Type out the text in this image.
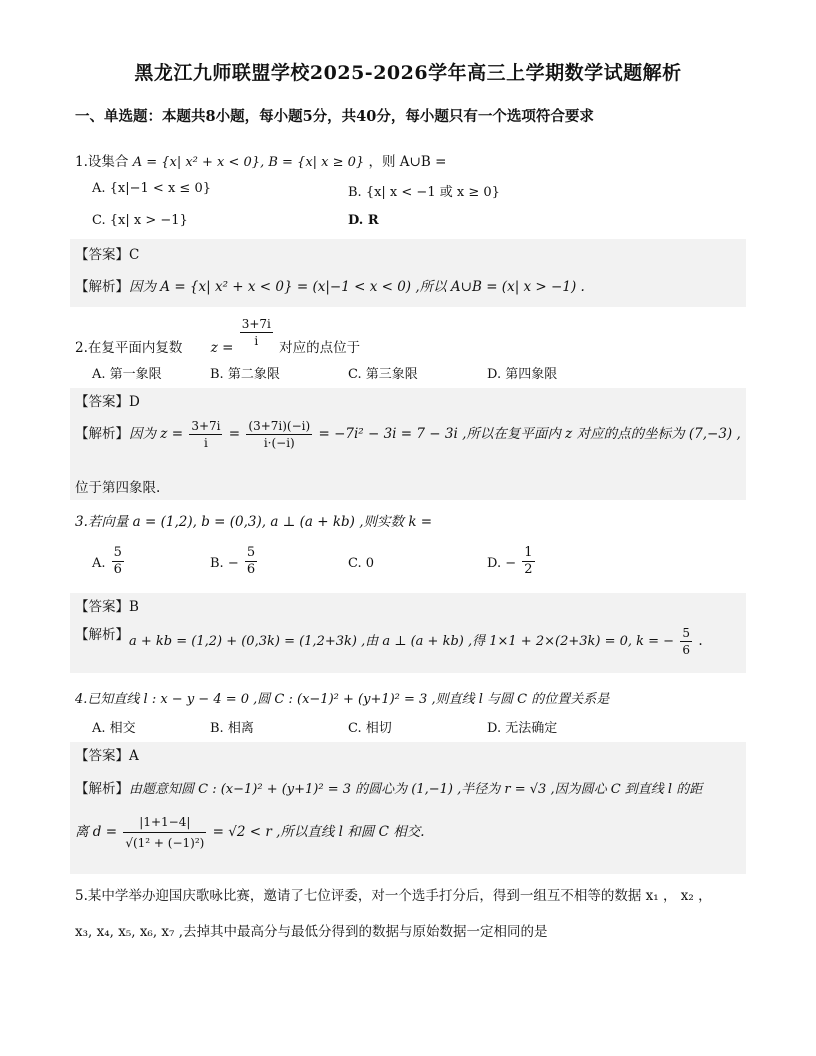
黑龙江九师联盟学校2025-2026学年高三上学期数学试题解析
一、单选题：本题共8小题，每小题5分，共40分，每小题只有一个选项符合要求
1.设集合 A = {x| x² + x < 0}, B = {x| x ≥ 0} ，则 A∪B =
A. {x|−1 < x ≤ 0}	B. {x| x < −1 或 x ≥ 0}
C. {x| x > −1}	D. R
【答案】C
【解析】因为 A = {x| x² + x < 0} = (x|−1 < x < 0) ,所以 A∪B = (x| x > −1) .
2.在复平面内复数 $z = \frac{3+7i}{i}$ 对应的点位于
A. 第一象限	B. 第二象限	C. 第三象限	D. 第四象限
【答案】D
【解析】因为 $z = \frac{3+7i}{i} = \frac{(3+7i)(-i)}{i\cdot(-i)} = -7i^2 - 3i = 7 - 3i$ ,所以在复平面内 z 对应的点的坐标为 (7,−3) ,
位于第四象限.
3.若向量 a = (1,2), b = (0,3), a ⊥ (a + kb) ,则实数 k =
A. $\frac{5}{6}$	B. − $\frac{5}{6}$	C. 0	D. − $\frac{1}{2}$
【答案】B
【解析】a + kb = (1,2) + (0,3k) = (1,2+3k) ,由 a ⊥ (a + kb) ,得 1×1 + 2×(2+3k) = 0, k = − $\frac{5}{6}$ .
4.已知直线 l : x − y − 4 = 0 ,圆 C : (x−1)² + (y+1)² = 3 ,则直线 l 与圆 C 的位置关系是
A. 相交	B. 相离	C. 相切	D. 无法确定
【答案】A
【解析】由题意知圆 C : (x−1)² + (y+1)² = 3 的圆心为 (1,−1) ,半径为 r = √3 ,因为圆心 C 到直线 l 的距
离 $d = \frac{|1+1-4|}{\text{√(1² + (−1)²)}} = √2 < r$ ,所以直线 l 和圆 C 相交.
5.某中学举办迎国庆歌咏比赛，邀请了七位评委，对一个选手打分后，得到一组互不相等的数据 x₁ ， x₂ ，
x₃, x₄, x₅, x₆, x₇ ,去掉其中最高分与最低分得到的数据与原始数据一定相同的是
